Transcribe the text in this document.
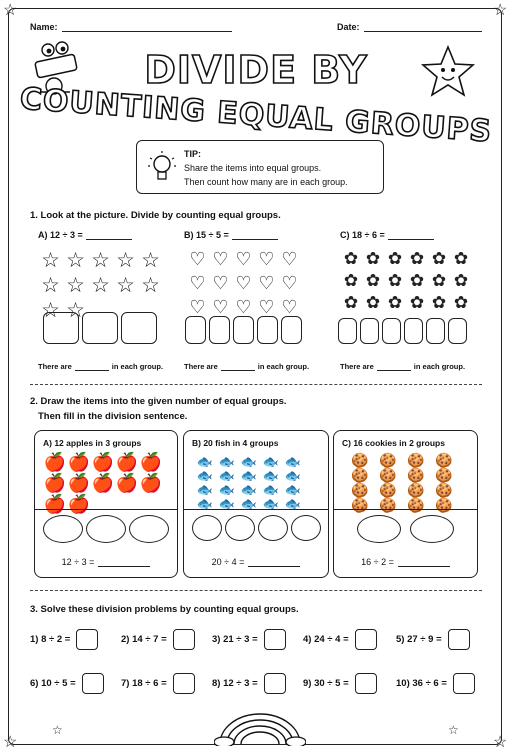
☆	☆
☆	☆
Name:	Date:
DIVIDE BY
COUNTING EQUAL GROUPS
TIP:
Share the items into equal groups.
Then count how many are in each group.
1. Look at the picture. Divide by counting equal groups.
A) 12 ÷ 3 =
☆ ☆ ☆ ☆ ☆
☆ ☆ ☆ ☆ ☆
☆ ☆
There are	in each group.
B) 15 ÷ 5 =
♡ ♡ ♡ ♡ ♡
♡ ♡ ♡ ♡ ♡
♡ ♡ ♡ ♡ ♡
There are	in each group.
C) 18 ÷ 6 =
✿ ✿ ✿ ✿ ✿ ✿
✿ ✿ ✿ ✿ ✿ ✿
✿ ✿ ✿ ✿ ✿ ✿
There are	in each group.
2. Draw the items into the given number of equal groups.
Then fill in the division sentence.
A) 12 apples in 3 groups
🍎 🍎 🍎 🍎 🍎
🍎 🍎 🍎 🍎 🍎
🍎 🍎
12 ÷ 3 =
B) 20 fish in 4 groups
🐟 🐟 🐟 🐟 🐟
🐟 🐟 🐟 🐟 🐟
🐟 🐟 🐟 🐟 🐟
🐟 🐟 🐟 🐟 🐟
20 ÷ 4 =
C) 16 cookies in 2 groups
🍪 🍪 🍪 🍪
🍪 🍪 🍪 🍪
🍪 🍪 🍪 🍪
🍪 🍪 🍪 🍪
16 ÷ 2 =
3. Solve these division problems by counting equal groups.
1) 8 ÷ 2 =	2) 14 ÷ 7 =	3) 21 ÷ 3 =	4) 24 ÷ 4 =	5) 27 ÷ 9 =
6) 10 ÷ 5 =	7) 18 ÷ 6 =	8) 12 ÷ 3 =	9) 30 ÷ 5 =	10) 36 ÷ 6 =
☆	☆
